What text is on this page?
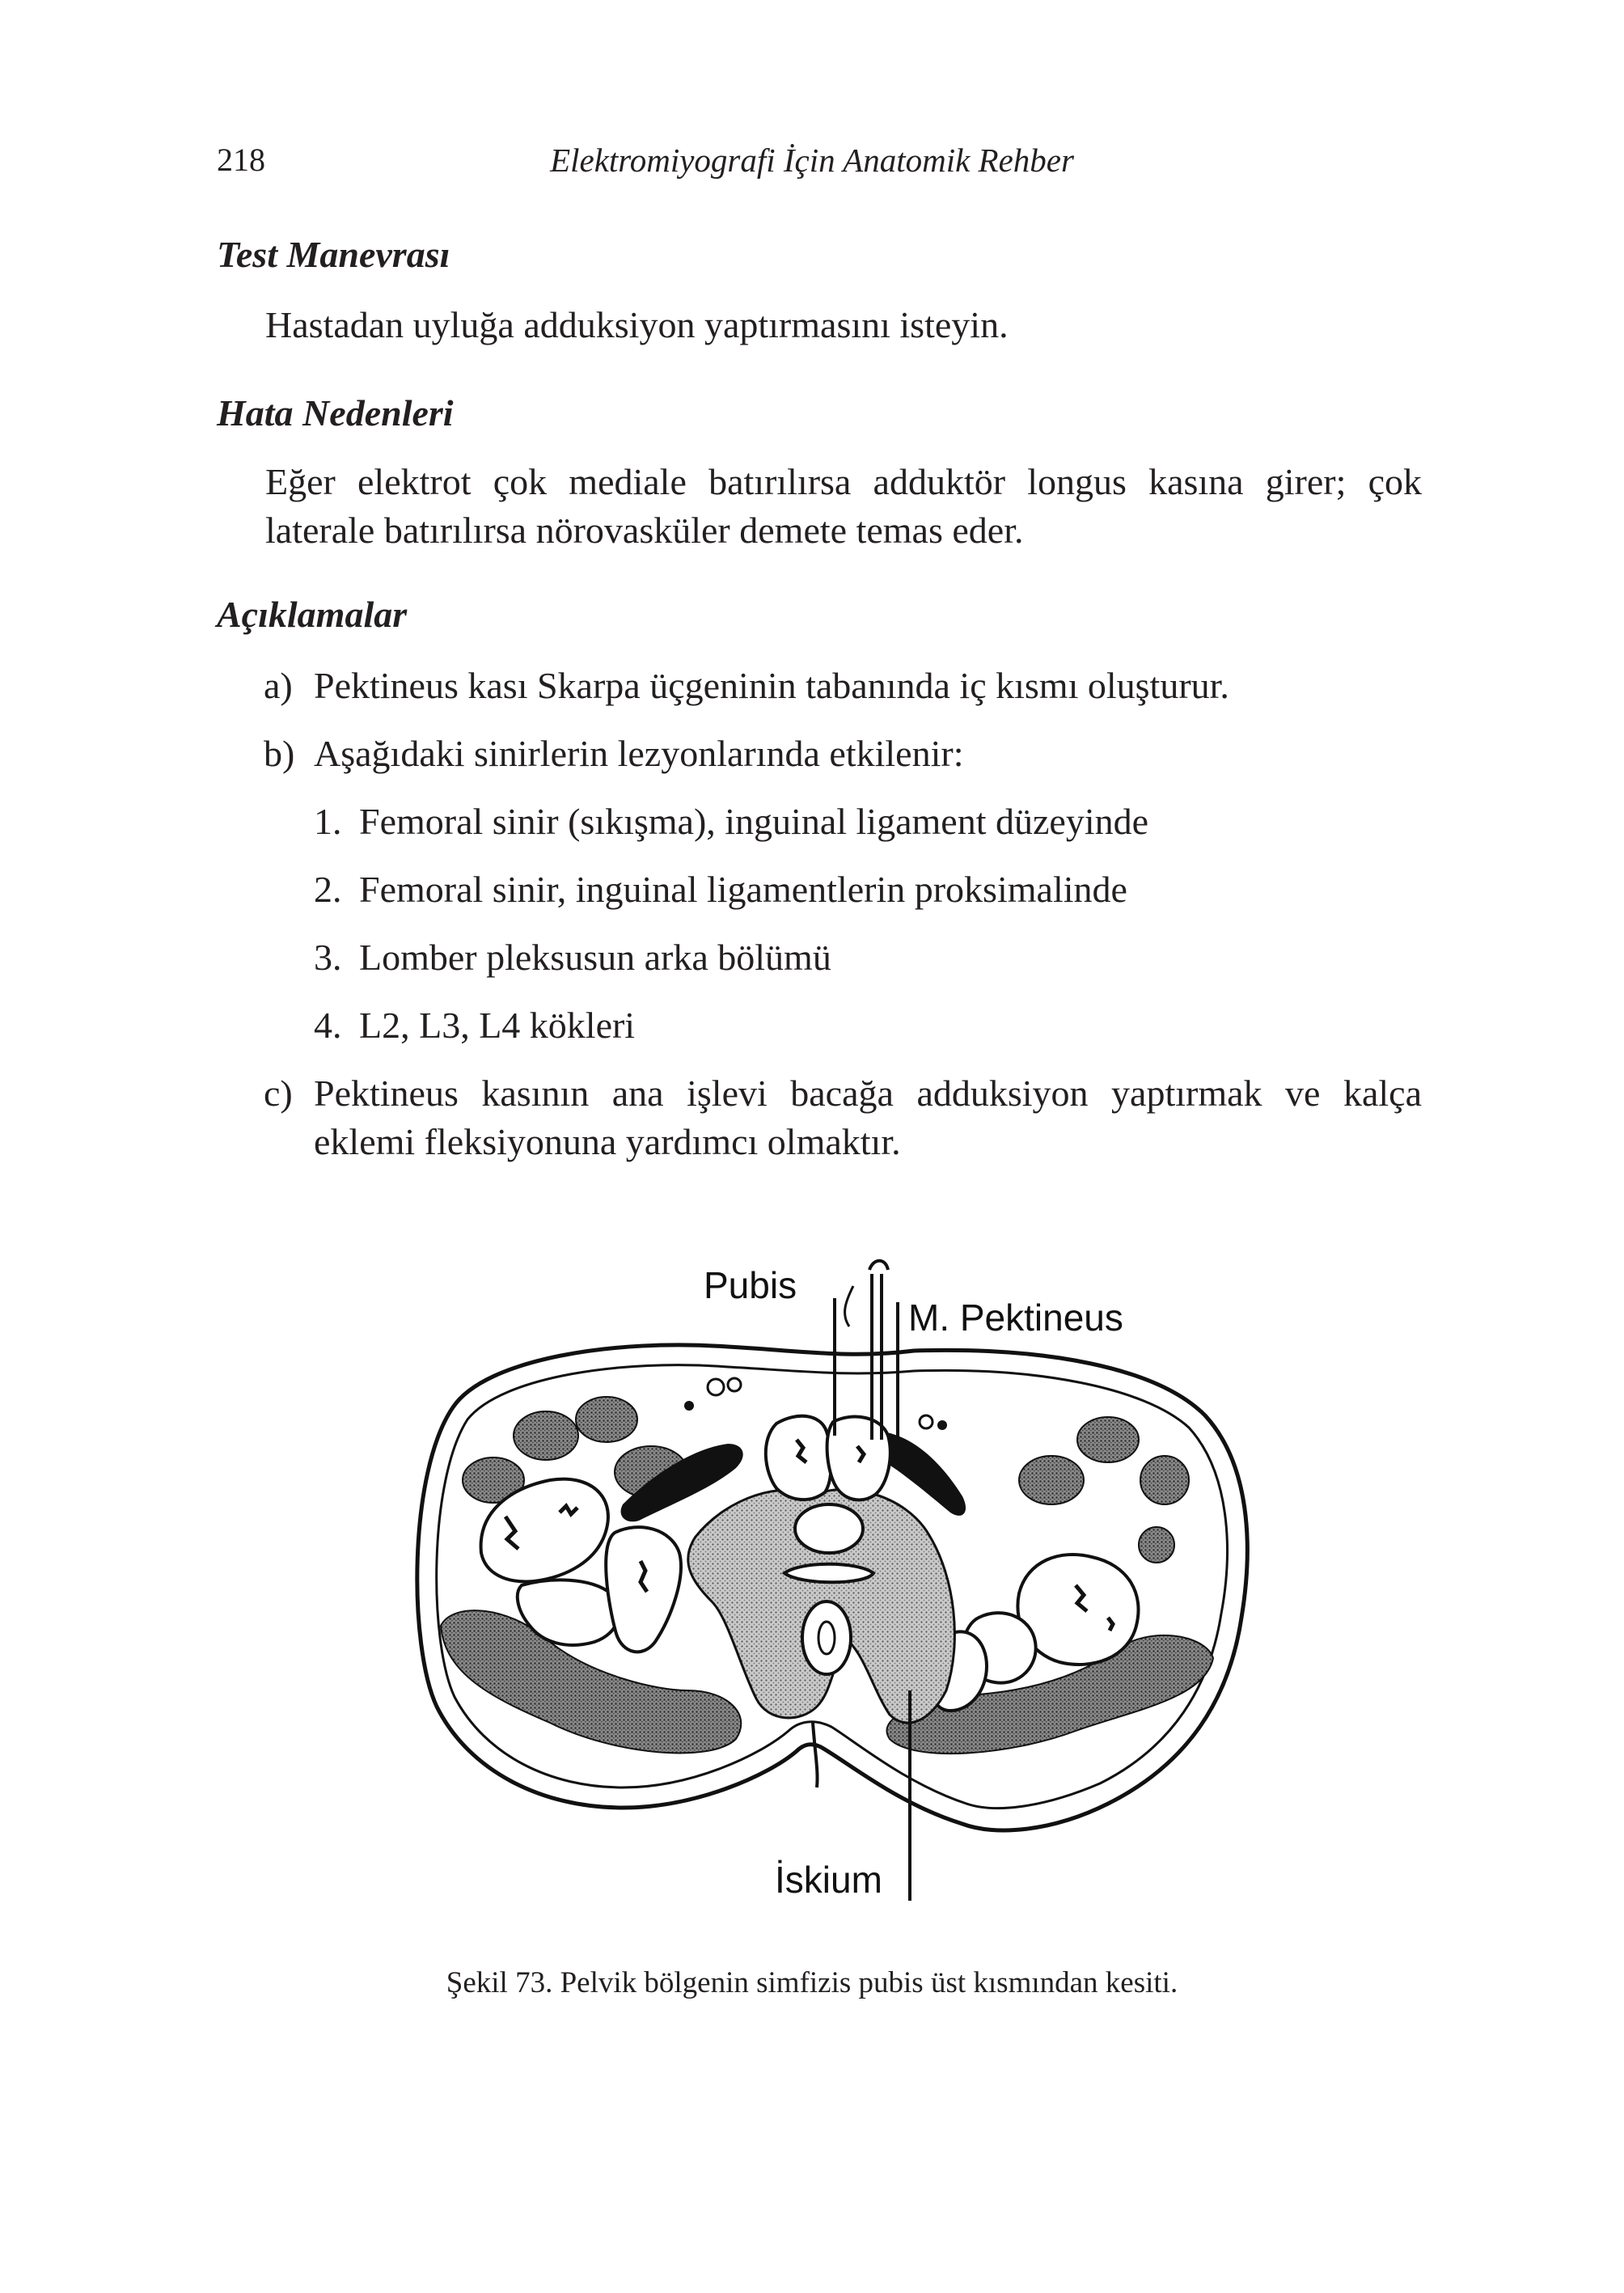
218	Elektromiyografi İçin Anatomik Rehber
Test Manevrası
Hastadan uyluğa adduksiyon yaptırmasını isteyin.
Hata Nedenleri
Eğer elektrot çok mediale batırılırsa adduktör longus kasına girer; çok
laterale batırılırsa nörovasküler demete temas eder.
Açıklamalar
a) Pektineus kası Skarpa üçgeninin tabanında iç kısmı oluşturur.
b) Aşağıdaki sinirlerin lezyonlarında etkilenir:
1. Femoral sinir (sıkışma), inguinal ligament düzeyinde
2. Femoral sinir, inguinal ligamentlerin proksimalinde
3. Lomber pleksusun arka bölümü
4. L2, L3, L4 kökleri
c) Pektineus kasının ana işlevi bacağa adduksiyon yaptırmak ve kalça
eklemi fleksiyonuna yardımcı olmaktır.
Pubis
M. Pektineus
İskium
Şekil 73. Pelvik bölgenin simfizis pubis üst kısmından kesiti.
